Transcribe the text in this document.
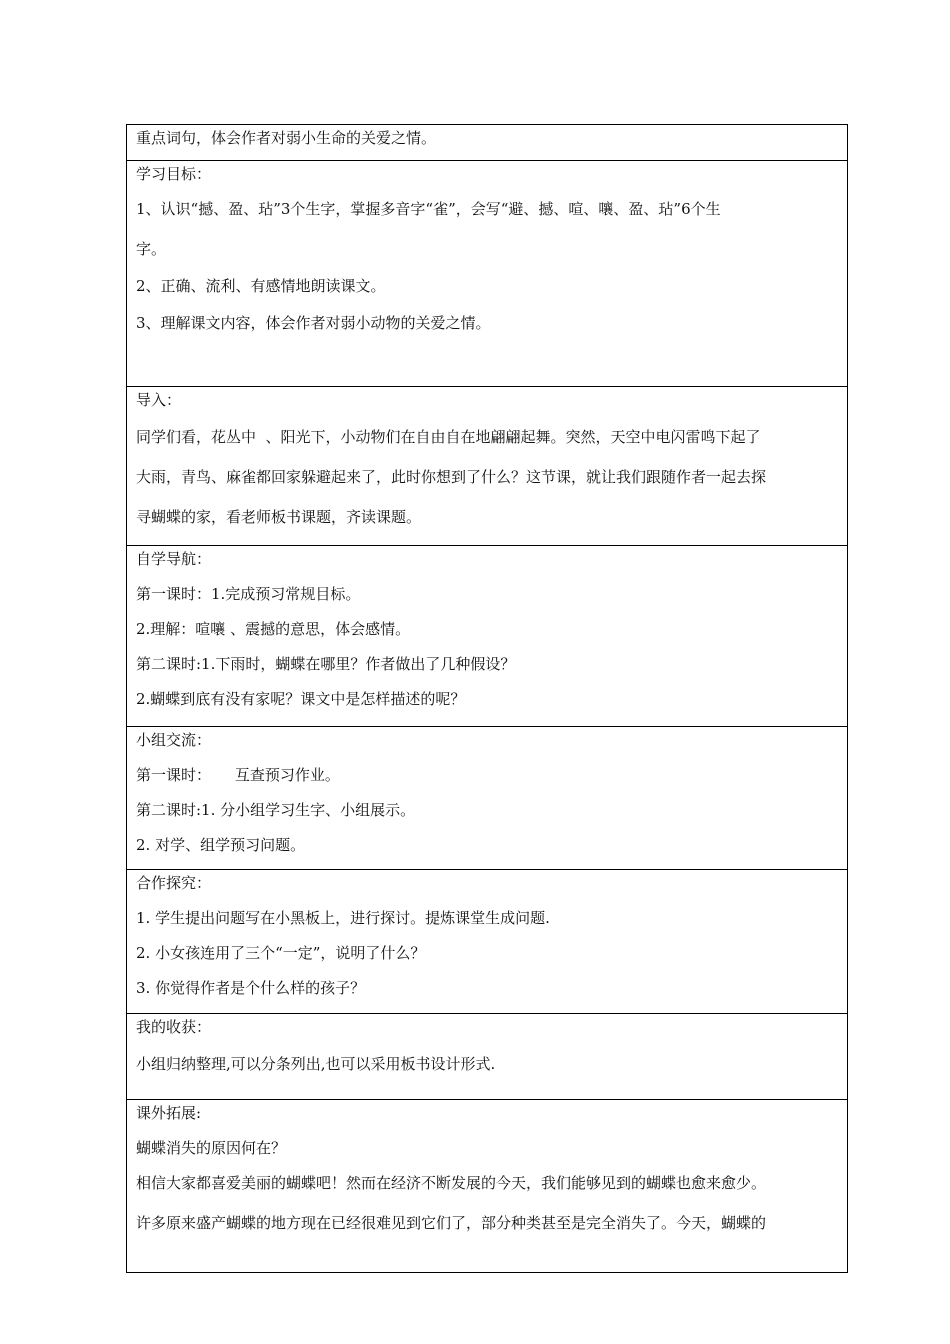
重点词句，体会作者对弱小生命的关爱之情。

学习目标：

1、认识“撼、盈、玷”3个生字，掌握多音字“雀”，会写“避、撼、喧、嚷、盈、玷”6个生

字。

2、正确、流利、有感情地朗读课文。

3、理解课文内容，体会作者对弱小动物的关爱之情。

导入：

同学们看，花丛中  、阳光下，小动物们在自由自在地翩翩起舞。突然，天空中电闪雷鸣下起了

大雨，青鸟、麻雀都回家躲避起来了，此时你想到了什么？这节课，就让我们跟随作者一起去探

寻蝴蝶的家，看老师板书课题，齐读课题。

自学导航：

第一课时：1.完成预习常规目标。

2.理解：喧嚷 、震撼的意思，体会感情。

第二课时:1.下雨时，蝴蝶在哪里？作者做出了几种假设？

2.蝴蝶到底有没有家呢？课文中是怎样描述的呢？

小组交流：

第一课时：     互查预习作业。

第二课时:1. 分小组学习生字、小组展示。

2. 对学、组学预习问题。

合作探究：

1. 学生提出问题写在小黑板上，进行探讨。提炼课堂生成问题.

2. 小女孩连用了三个“一定”，说明了什么？

3. 你觉得作者是个什么样的孩子？

我的收获：

小组归纳整理,可以分条列出,也可以采用板书设计形式.

课外拓展:

蝴蝶消失的原因何在？

相信大家都喜爱美丽的蝴蝶吧！然而在经济不断发展的今天，我们能够见到的蝴蝶也愈来愈少。

许多原来盛产蝴蝶的地方现在已经很难见到它们了，部分种类甚至是完全消失了。今天，蝴蝶的
